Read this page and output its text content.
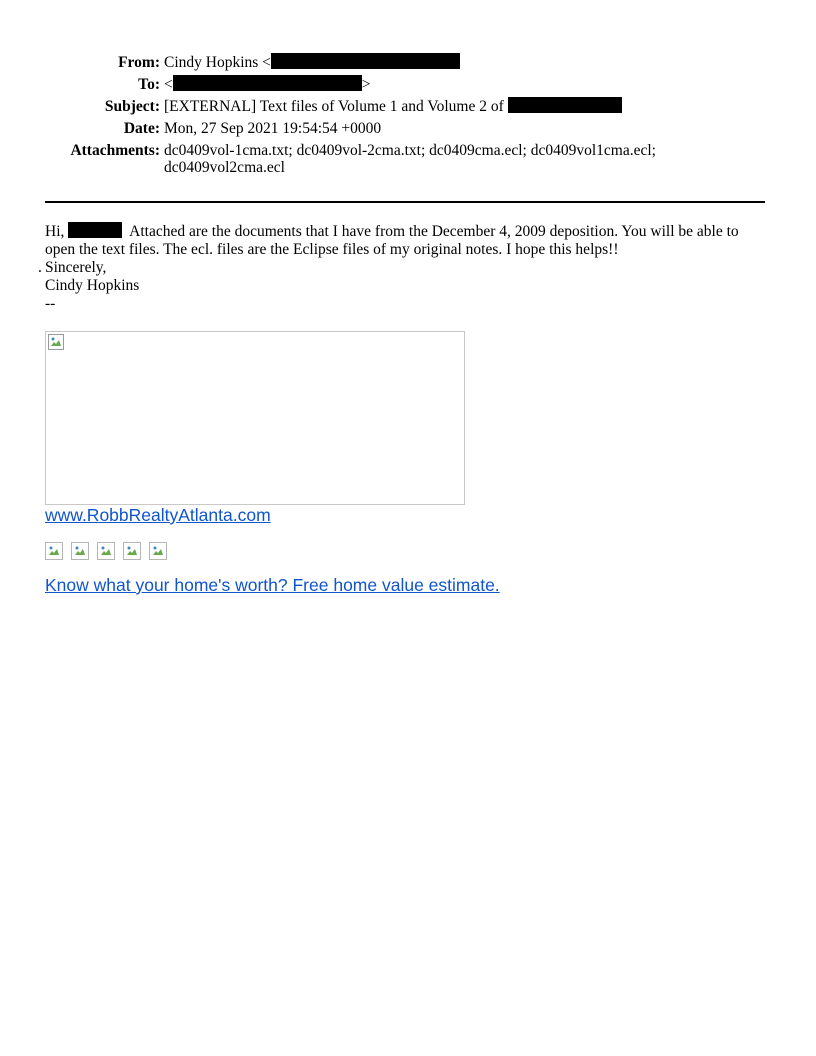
From: Cindy Hopkins <
To: <	>
Subject: [EXTERNAL] Text files of Volume 1 and Volume 2 of
Date: Mon, 27 Sep 2021 19:54:54 +0000
Attachments: dc0409vol-1cma.txt; dc0409vol-2cma.txt; dc0409cma.ecl; dc0409vol1cma.ecl; dc0409vol2cma.ecl

Hi,	Attached are the documents that I have from the December 4, 2009 deposition. You will be able to open the text files. The ecl. files are the Eclipse files of my original notes. I hope this helps!!

. Sincerely,

Cindy Hopkins

--

www.RobbRealtyAtlanta.com
Know what your home's worth? Free home value estimate.
